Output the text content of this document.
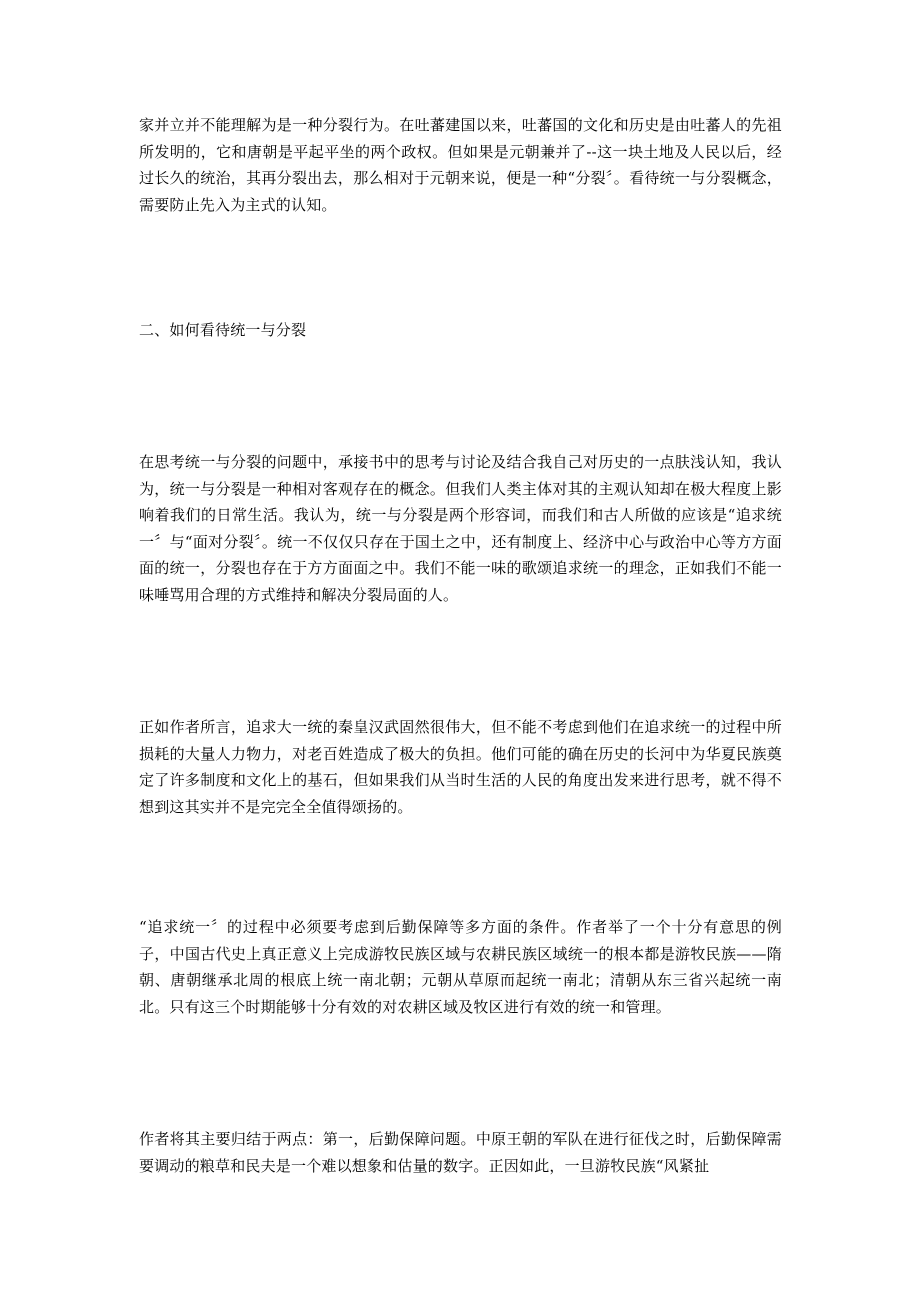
家并立并不能理解为是一种分裂行为。在吐蕃建国以来，吐蕃国的文化和历史是由吐蕃人的先祖所发明的，它和唐朝是平起平坐的两个政权。但如果是元朝兼并了--这一块土地及人民以后，经过长久的统治，其再分裂出去，那么相对于元朝来说，便是一种“分裂〞。看待统一与分裂概念，需要防止先入为主式的认知。

二、如何看待统一与分裂

在思考统一与分裂的问题中，承接书中的思考与讨论及结合我自己对历史的一点肤浅认知，我认为，统一与分裂是一种相对客观存在的概念。但我们人类主体对其的主观认知却在极大程度上影响着我们的日常生活。我认为，统一与分裂是两个形容词，而我们和古人所做的应该是“追求统一〞与“面对分裂〞。统一不仅仅只存在于国土之中，还有制度上、经济中心与政治中心等方方面面的统一，分裂也存在于方方面面之中。我们不能一味的歌颂追求统一的理念，正如我们不能一味唾骂用合理的方式维持和解决分裂局面的人。

正如作者所言，追求大一统的秦皇汉武固然很伟大，但不能不考虑到他们在追求统一的过程中所损耗的大量人力物力，对老百姓造成了极大的负担。他们可能的确在历史的长河中为华夏民族奠定了许多制度和文化上的基石，但如果我们从当时生活的人民的角度出发来进行思考，就不得不想到这其实并不是完完全全值得颂扬的。

“追求统一〞的过程中必须要考虑到后勤保障等多方面的条件。作者举了一个十分有意思的例子，中国古代史上真正意义上完成游牧民族区域与农耕民族区域统一的根本都是游牧民族——隋朝、唐朝继承北周的根底上统一南北朝；元朝从草原而起统一南北；清朝从东三省兴起统一南北。只有这三个时期能够十分有效的对农耕区域及牧区进行有效的统一和管理。

作者将其主要归结于两点：第一，后勤保障问题。中原王朝的军队在进行征伐之时，后勤保障需要调动的粮草和民夫是一个难以想象和估量的数字。正因如此，一旦游牧民族“风紧扯
